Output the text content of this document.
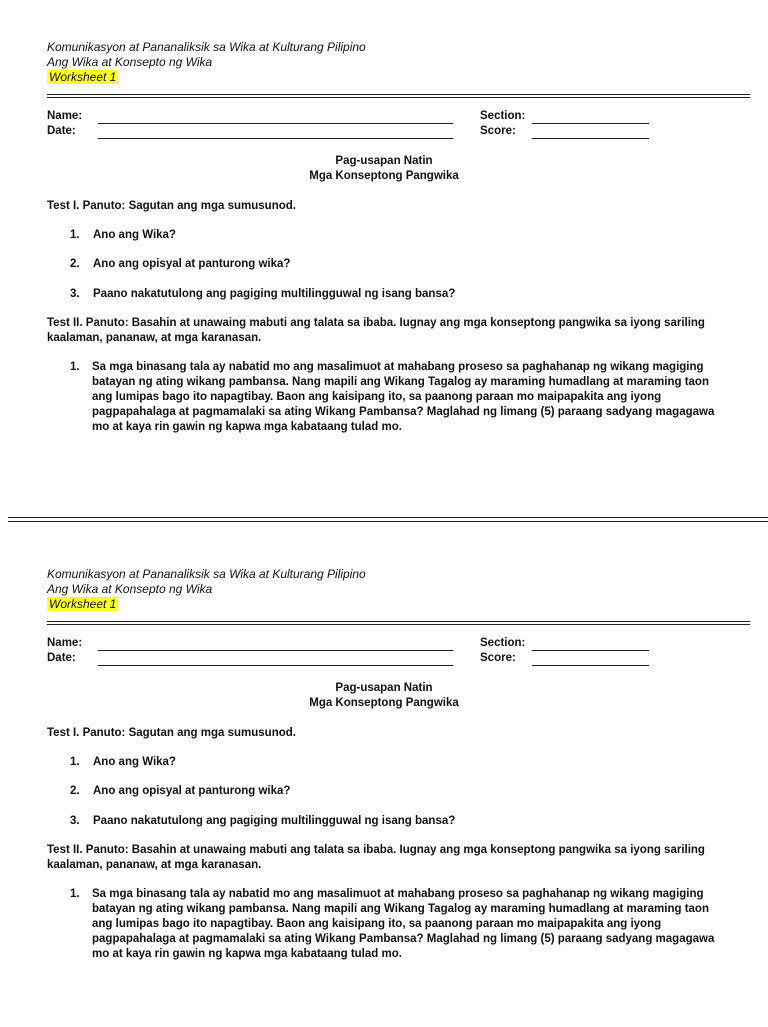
Komunikasyon at Pananaliksik sa Wika at Kulturang Pilipino
Ang Wika at Konsepto ng Wika
Worksheet 1
Name:	Section:
Date:	Score:
Pag-usapan Natin
Mga Konseptong Pangwika
Test I. Panuto: Sagutan ang mga sumusunod.
1. Ano ang Wika?
2. Ano ang opisyal at panturong wika?
3. Paano nakatutulong ang pagiging multilingguwal ng isang bansa?
Test II. Panuto: Basahin at unawaing mabuti ang talata sa ibaba. Iugnay ang mga konseptong pangwika sa iyong sariling kaalaman, pananaw, at mga karanasan.
1.	Sa mga binasang tala ay nabatid mo ang masalimuot at mahabang proseso sa paghahanap ng wikang magiging batayan ng ating wikang pambansa. Nang mapili ang Wikang Tagalog ay maraming humadlang at maraming taon ang lumipas bago ito napagtibay. Baon ang kaisipang ito, sa paanong paraan mo maipapakita ang iyong pagpapahalaga at pagmamalaki sa ating Wikang Pambansa? Maglahad ng limang (5) paraang sadyang magagawa mo at kaya rin gawin ng kapwa mga kabataang tulad mo.
Komunikasyon at Pananaliksik sa Wika at Kulturang Pilipino
Ang Wika at Konsepto ng Wika
Worksheet 1
Name:	Section:
Date:	Score:
Pag-usapan Natin
Mga Konseptong Pangwika
Test I. Panuto: Sagutan ang mga sumusunod.
1. Ano ang Wika?
2. Ano ang opisyal at panturong wika?
3. Paano nakatutulong ang pagiging multilingguwal ng isang bansa?
Test II. Panuto: Basahin at unawaing mabuti ang talata sa ibaba. Iugnay ang mga konseptong pangwika sa iyong sariling kaalaman, pananaw, at mga karanasan.
1.	Sa mga binasang tala ay nabatid mo ang masalimuot at mahabang proseso sa paghahanap ng wikang magiging batayan ng ating wikang pambansa. Nang mapili ang Wikang Tagalog ay maraming humadlang at maraming taon ang lumipas bago ito napagtibay. Baon ang kaisipang ito, sa paanong paraan mo maipapakita ang iyong pagpapahalaga at pagmamalaki sa ating Wikang Pambansa? Maglahad ng limang (5) paraang sadyang magagawa mo at kaya rin gawin ng kapwa mga kabataang tulad mo.
